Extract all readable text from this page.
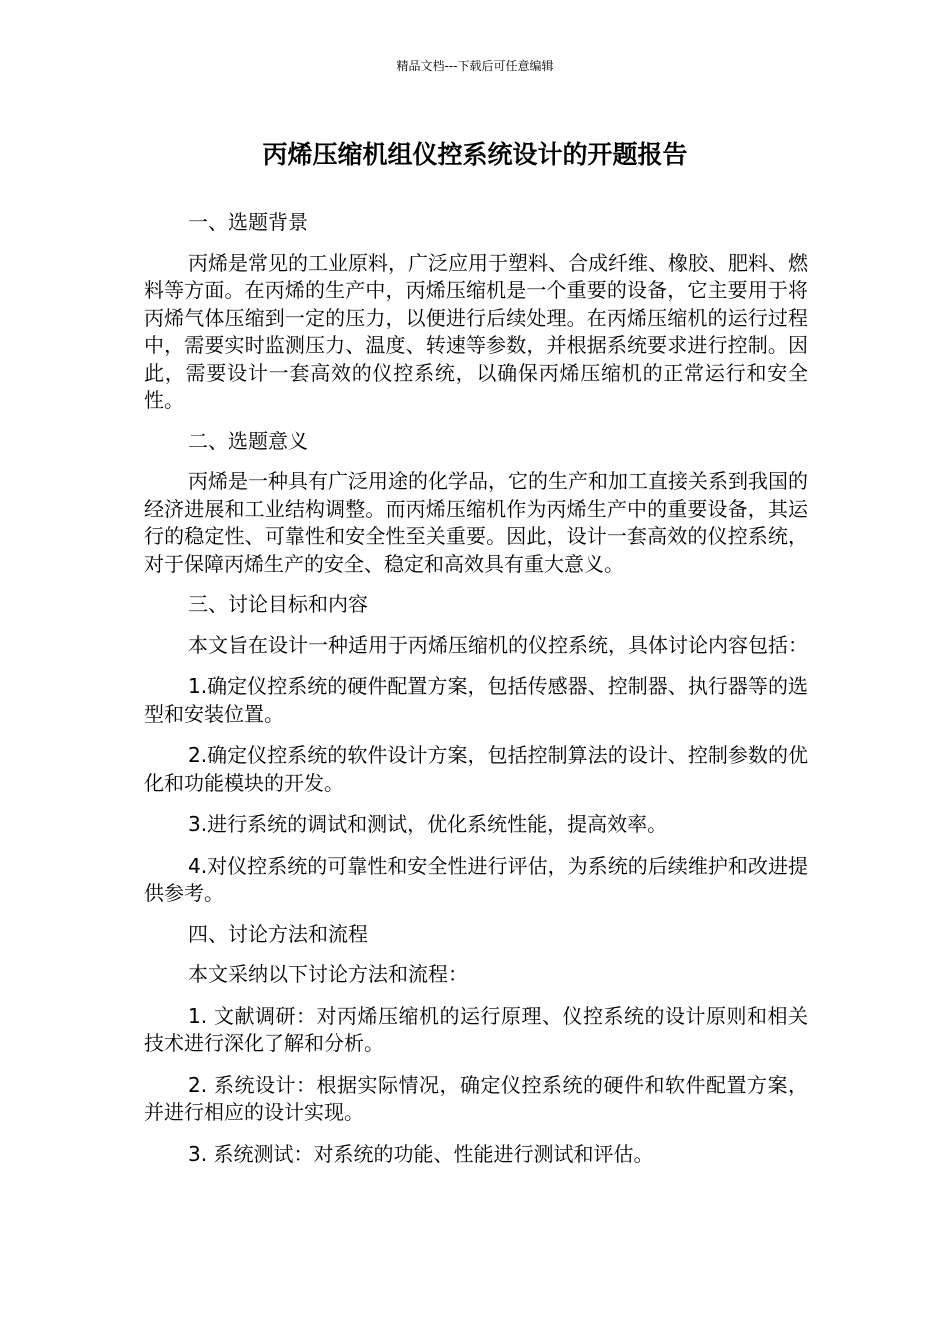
精品文档---下载后可任意编辑
丙烯压缩机组仪控系统设计的开题报告

一、选题背景

丙烯是常见的工业原料，广泛应用于塑料、合成纤维、橡胶、肥料、燃料等方面。在丙烯的生产中，丙烯压缩机是一个重要的设备，它主要用于将丙烯气体压缩到一定的压力，以便进行后续处理。在丙烯压缩机的运行过程中，需要实时监测压力、温度、转速等参数，并根据系统要求进行控制。因此，需要设计一套高效的仪控系统，以确保丙烯压缩机的正常运行和安全性。

二、选题意义

丙烯是一种具有广泛用途的化学品，它的生产和加工直接关系到我国的经济进展和工业结构调整。而丙烯压缩机作为丙烯生产中的重要设备，其运行的稳定性、可靠性和安全性至关重要。因此，设计一套高效的仪控系统，对于保障丙烯生产的安全、稳定和高效具有重大意义。

三、讨论目标和内容

本文旨在设计一种适用于丙烯压缩机的仪控系统，具体讨论内容包括：

1.确定仪控系统的硬件配置方案，包括传感器、控制器、执行器等的选型和安装位置。

2.确定仪控系统的软件设计方案，包括控制算法的设计、控制参数的优化和功能模块的开发。

3.进行系统的调试和测试，优化系统性能，提高效率。

4.对仪控系统的可靠性和安全性进行评估，为系统的后续维护和改进提供参考。

四、讨论方法和流程

本文采纳以下讨论方法和流程：

1. 文献调研：对丙烯压缩机的运行原理、仪控系统的设计原则和相关技术进行深化了解和分析。

2. 系统设计：根据实际情况，确定仪控系统的硬件和软件配置方案，并进行相应的设计实现。

3. 系统测试：对系统的功能、性能进行测试和评估。
